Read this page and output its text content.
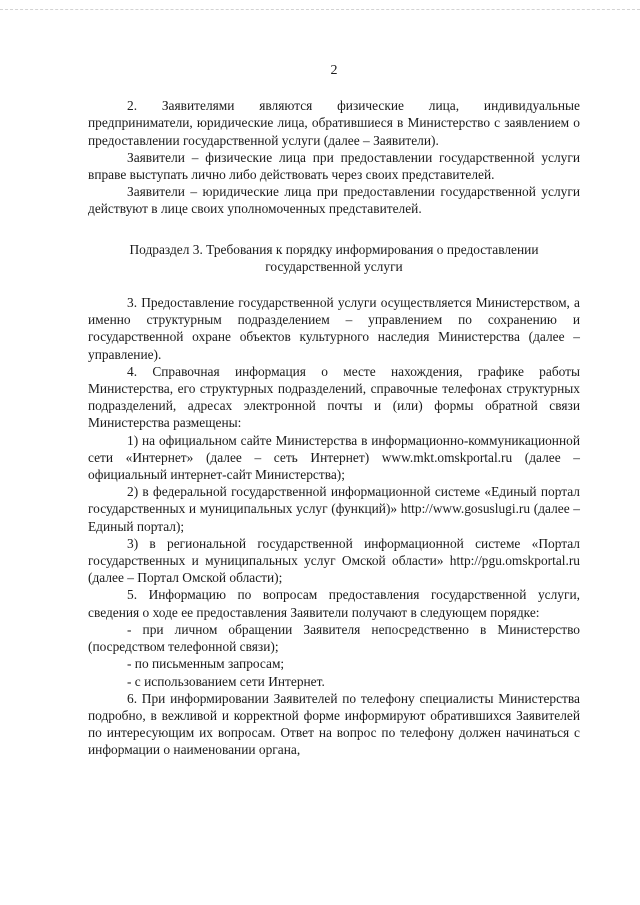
2

2. Заявителями являются физические лица, индивидуальные предприниматели, юридические лица, обратившиеся в Министерство с заявлением о предоставлении государственной услуги (далее – Заявители).

Заявители – физические лица при предоставлении государственной услуги вправе выступать лично либо действовать через своих представителей.

Заявители – юридические лица при предоставлении государственной услуги действуют в лице своих уполномоченных представителей.

Подраздел 3. Требования к порядку информирования о предоставлении государственной услуги

3. Предоставление государственной услуги осуществляется Министерством, а именно структурным подразделением – управлением по сохранению и государственной охране объектов культурного наследия Министерства (далее – управление).

4. Справочная информация о месте нахождения, графике работы Министерства, его структурных подразделений, справочные телефонах структурных подразделений, адресах электронной почты и (или) формы обратной связи Министерства размещены:

1) на официальном сайте Министерства в информационно-коммуникационной сети «Интернет» (далее – сеть Интернет) www.mkt.omskportal.ru (далее – официальный интернет-сайт Министерства);

2) в федеральной государственной информационной системе «Единый портал государственных и муниципальных услуг (функций)» http://www.gosuslugi.ru (далее – Единый портал);

3) в региональной государственной информационной системе «Портал государственных и муниципальных услуг Омской области» http://pgu.omskportal.ru (далее – Портал Омской области);

5. Информацию по вопросам предоставления государственной услуги, сведения о ходе ее предоставления Заявители получают в следующем порядке:

- при личном обращении Заявителя непосредственно в Министерство (посредством телефонной связи);

- по письменным запросам;

- с использованием сети Интернет.

6. При информировании Заявителей по телефону специалисты Министерства подробно, в вежливой и корректной форме информируют обратившихся Заявителей по интересующим их вопросам. Ответ на вопрос по телефону должен начинаться с информации о наименовании органа,
